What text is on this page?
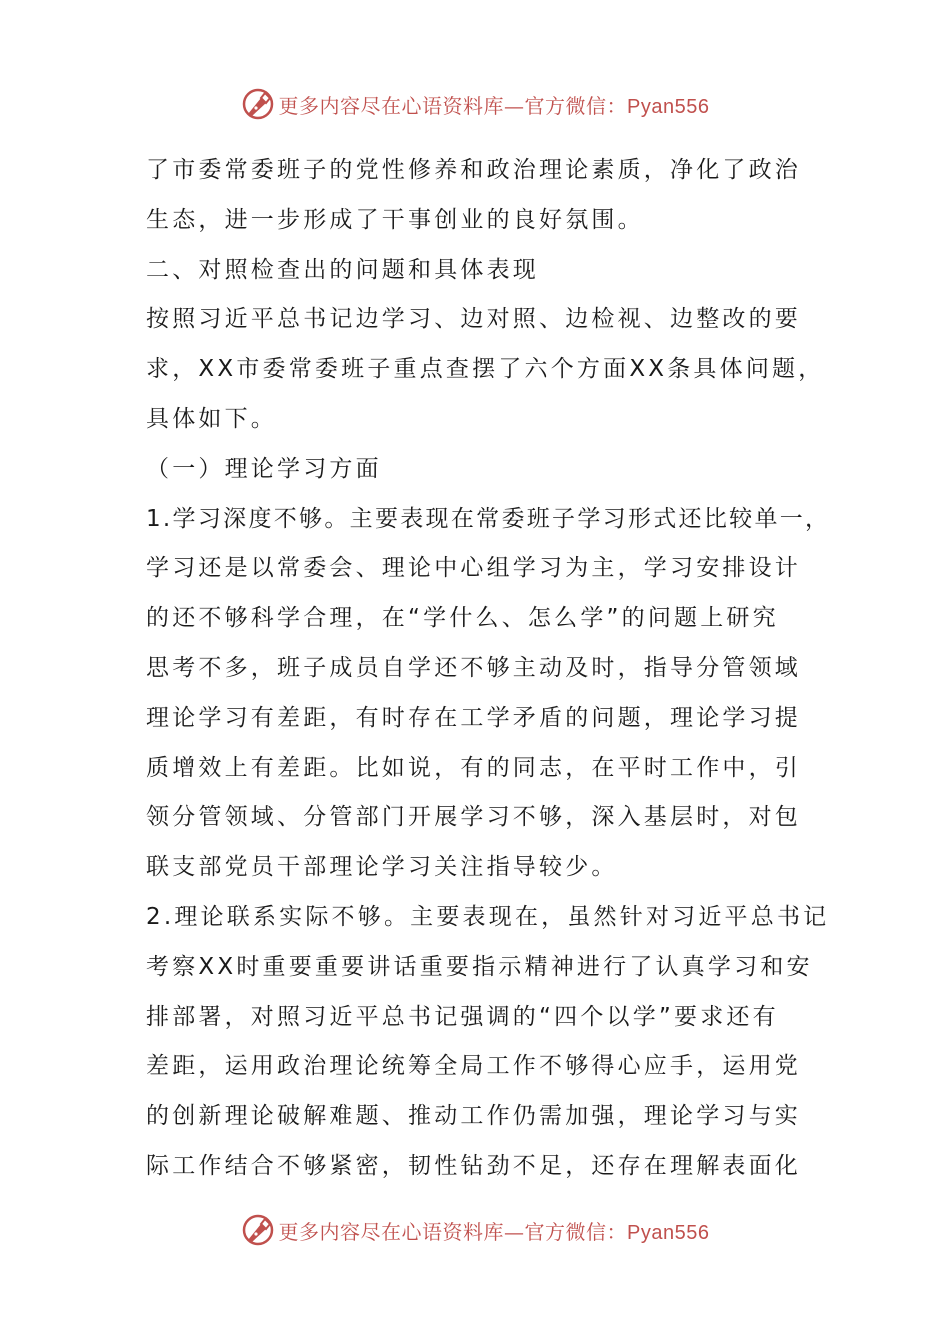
更多内容尽在心语资料库—官方微信：Pyan556
了市委常委班子的党性修养和政治理论素质，净化了政治
生态，进一步形成了干事创业的良好氛围。
二、对照检查出的问题和具体表现
按照习近平总书记边学习、边对照、边检视、边整改的要
求，XX市委常委班子重点查摆了六个方面XX条具体问题，
具体如下。
（一）理论学习方面
1.学习深度不够。主要表现在常委班子学习形式还比较单一，
学习还是以常委会、理论中心组学习为主，学习安排设计
的还不够科学合理，在“学什么、怎么学”的问题上研究
思考不多，班子成员自学还不够主动及时，指导分管领域
理论学习有差距，有时存在工学矛盾的问题，理论学习提
质增效上有差距。比如说，有的同志，在平时工作中，引
领分管领域、分管部门开展学习不够，深入基层时，对包
联支部党员干部理论学习关注指导较少。
2.理论联系实际不够。主要表现在，虽然针对习近平总书记
考察XX时重要重要讲话重要指示精神进行了认真学习和安
排部署，对照习近平总书记强调的“四个以学”要求还有
差距，运用政治理论统筹全局工作不够得心应手，运用党
的创新理论破解难题、推动工作仍需加强，理论学习与实
际工作结合不够紧密，韧性钻劲不足，还存在理解表面化
更多内容尽在心语资料库—官方微信：Pyan556
